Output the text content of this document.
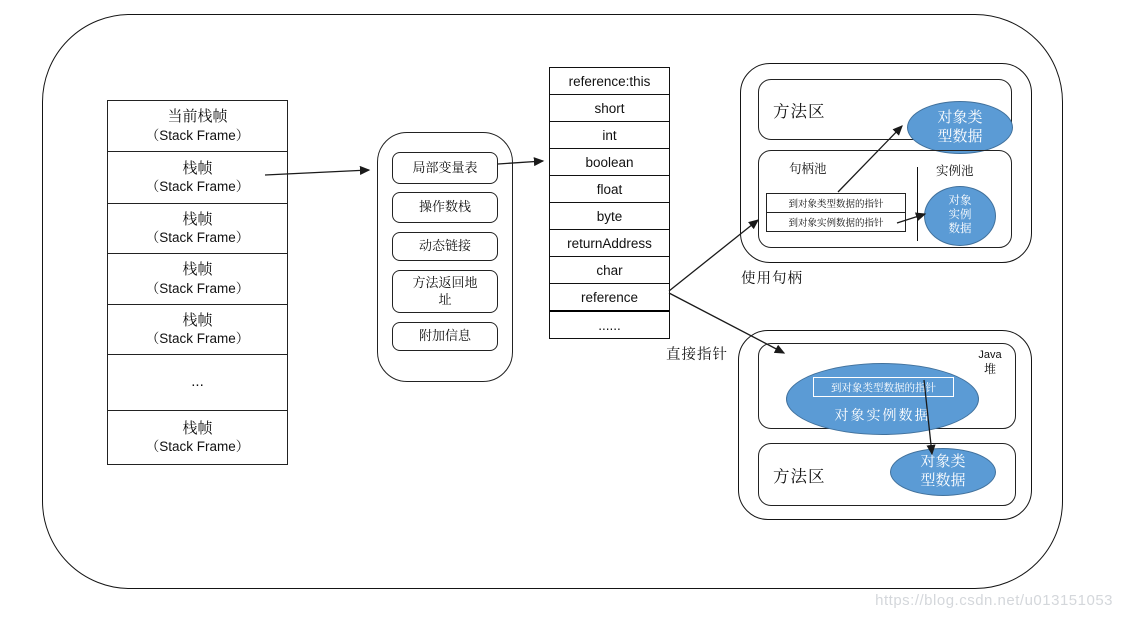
当前栈帧
（Stack Frame）
栈帧
（Stack Frame）
栈帧
（Stack Frame）
栈帧
（Stack Frame）
栈帧
（Stack Frame）
...
栈帧
（Stack Frame）
局部变量表
操作数栈
动态链接
方法返回地址
附加信息
reference:this
short
int
boolean
float
byte
returnAddress
char
reference
......
方法区	对象类型数据
句柄池	实例池
到对象类型数据的指针
到对象实例数据的指针
对象实例数据
使用句柄
Java
堆
到对象类型数据的指针
对象实例数据
方法区
对象类型数据
直接指针
https://blog.csdn.net/u013151053
